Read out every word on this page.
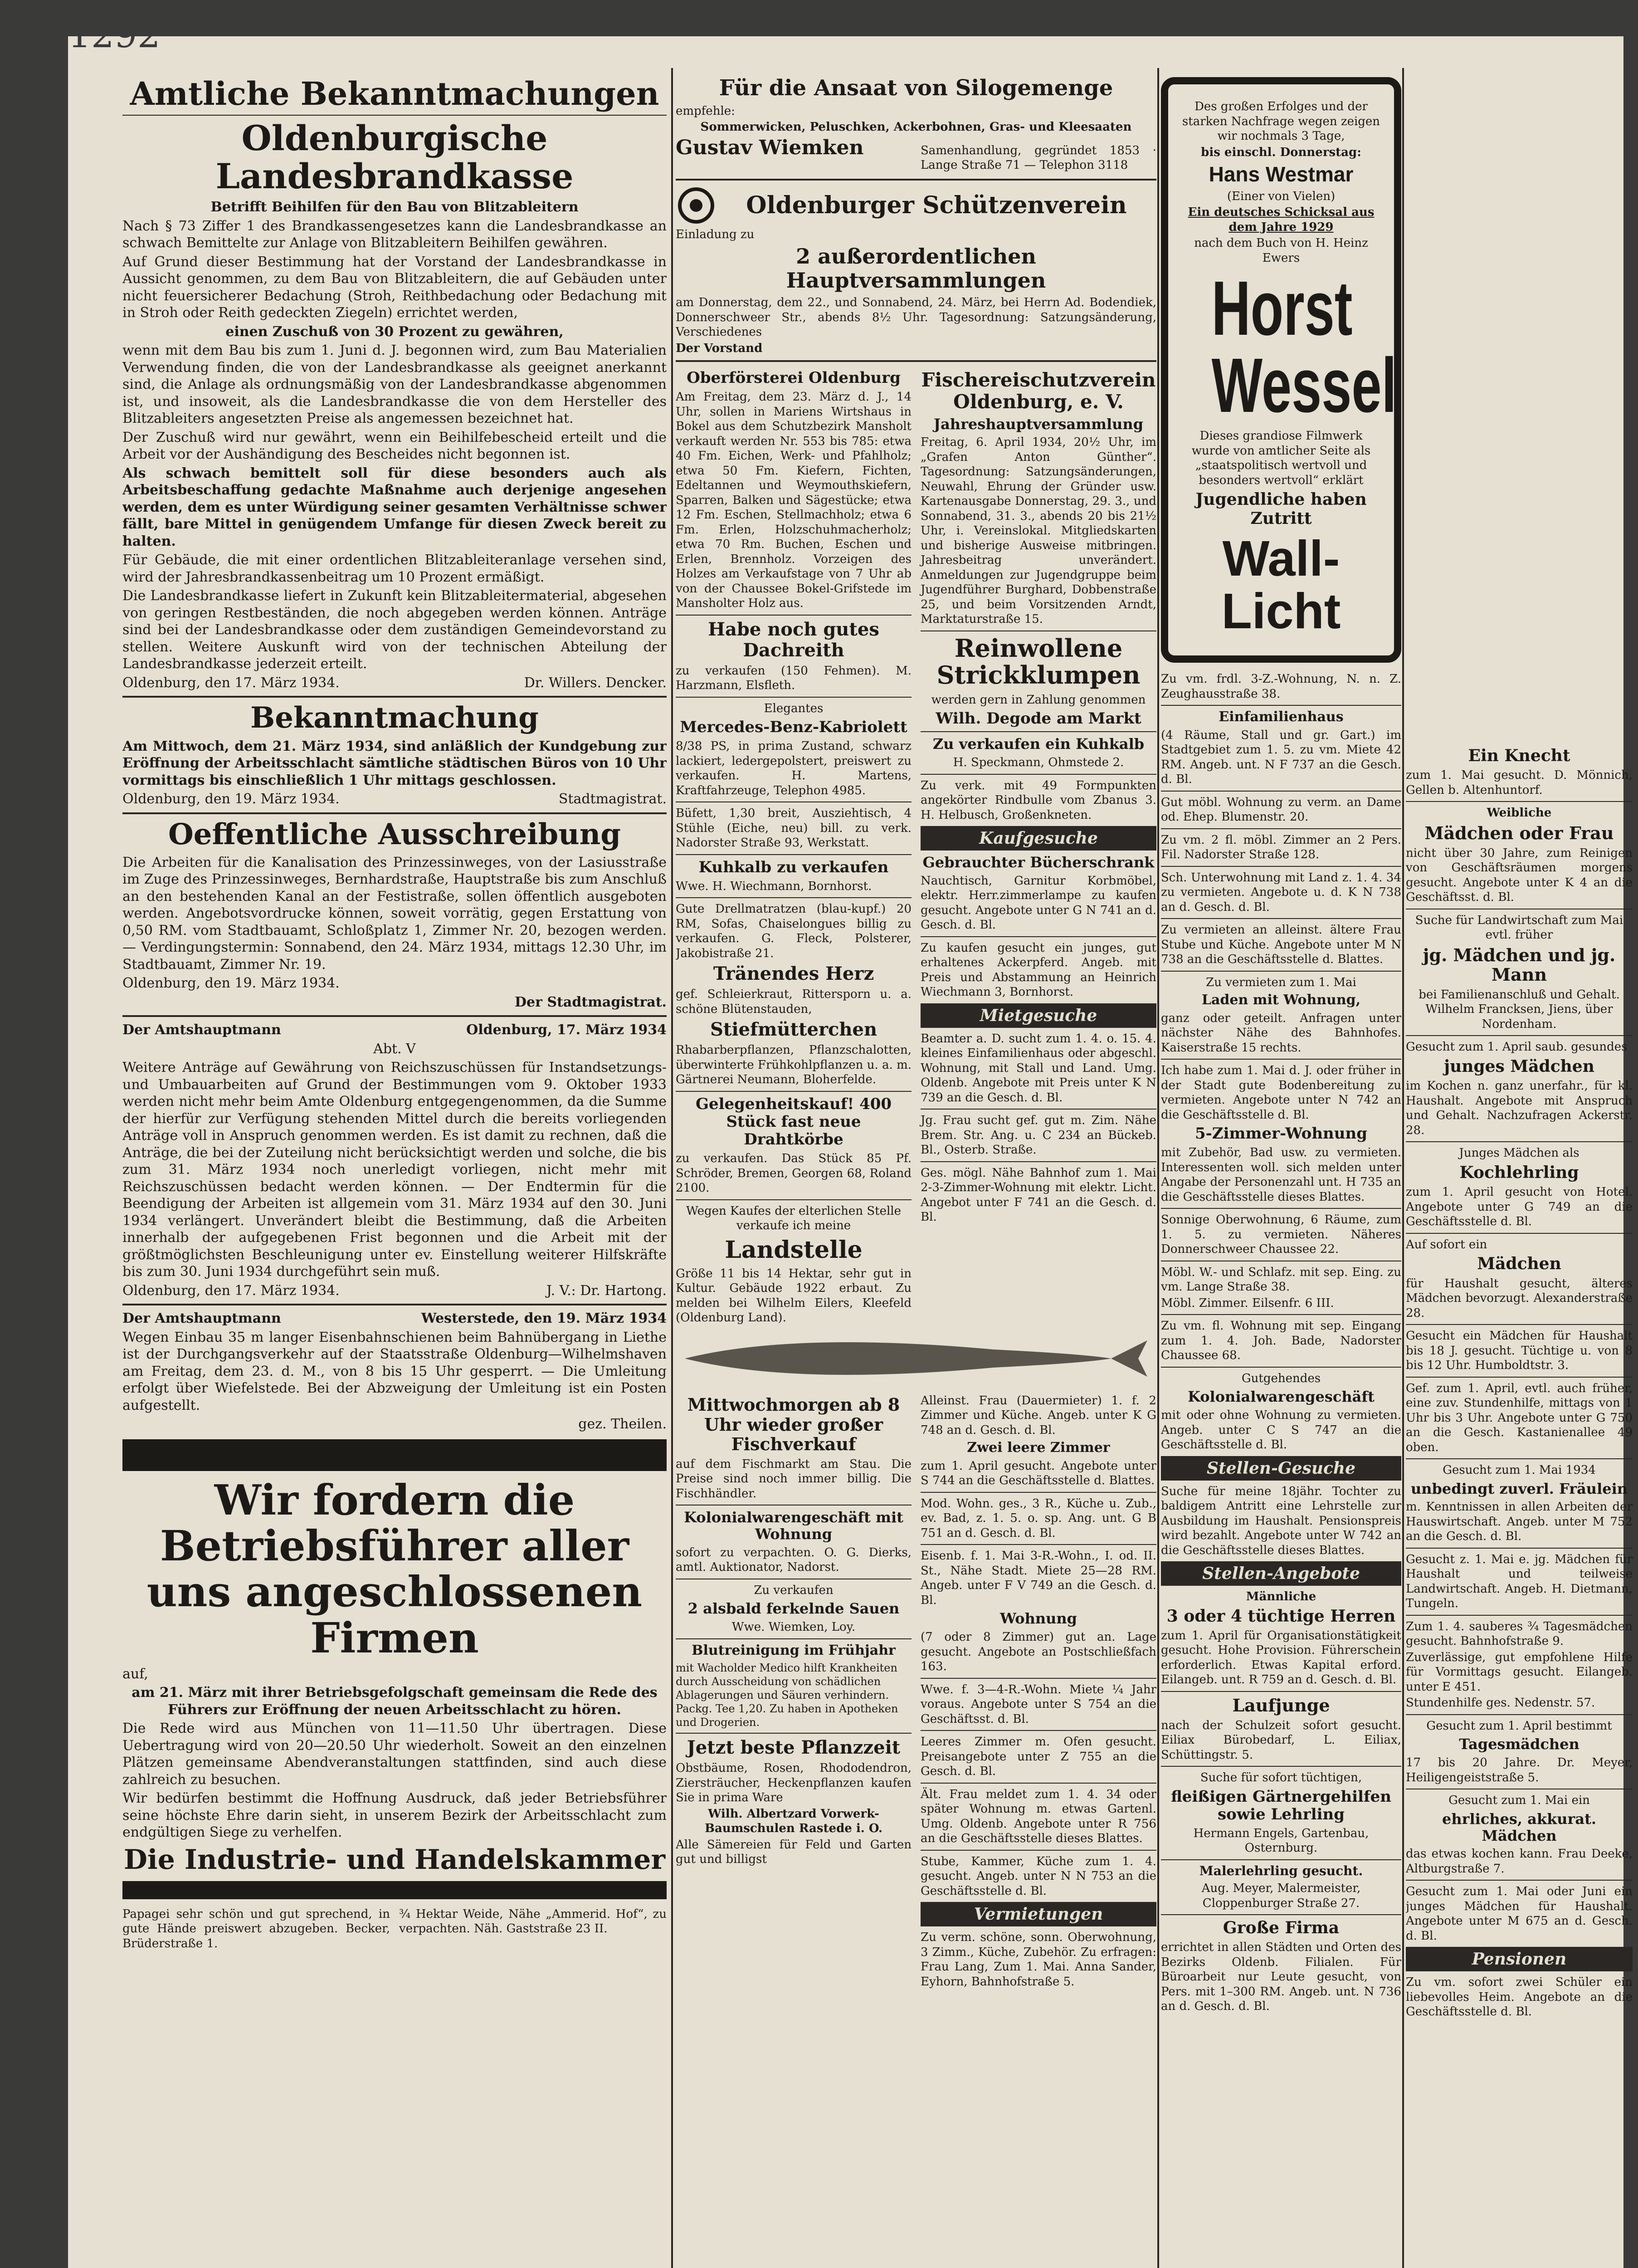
1292
Amtliche Bekanntmachungen
Oldenburgische Landesbrandkasse
Betrifft Beihilfen für den Bau von Blitzableitern
Nach § 73 Ziffer 1 des Brandkassengesetzes kann die Landesbrandkasse an schwach Bemittelte zur Anlage von Blitzableitern Beihilfen gewähren.
Auf Grund dieser Bestimmung hat der Vorstand der Landesbrandkasse in Aussicht genommen, zu dem Bau von Blitzableitern, die auf Gebäuden unter nicht feuersicherer Bedachung (Stroh, Reithbedachung oder Bedachung mit in Stroh oder Reith gedeckten Ziegeln) errichtet werden,
einen Zuschuß von 30 Prozent zu gewähren,
wenn mit dem Bau bis zum 1. Juni d. J. begonnen wird, zum Bau Materialien Verwendung finden, die von der Landesbrandkasse als geeignet anerkannt sind, die Anlage als ordnungsmäßig von der Landesbrandkasse abgenommen ist, und insoweit, als die Landesbrandkasse die von dem Hersteller des Blitzableiters angesetzten Preise als angemessen bezeichnet hat.
Der Zuschuß wird nur gewährt, wenn ein Beihilfebescheid erteilt und die Arbeit vor der Aushändigung des Bescheides nicht begonnen ist.
Als schwach bemittelt soll für diese besonders auch als Arbeitsbeschaffung gedachte Maßnahme auch derjenige angesehen werden, dem es unter Würdigung seiner gesamten Verhältnisse schwer fällt, bare Mittel in genügendem Umfange für diesen Zweck bereit zu halten.
Für Gebäude, die mit einer ordentlichen Blitzableiteranlage versehen sind, wird der Jahresbrandkassenbeitrag um 10 Prozent ermäßigt.
Die Landesbrandkasse liefert in Zukunft kein Blitzableitermaterial, abgesehen von geringen Restbeständen, die noch abgegeben werden können. Anträge sind bei der Landesbrandkasse oder dem zuständigen Gemeindevorstand zu stellen. Weitere Auskunft wird von der technischen Abteilung der Landesbrandkasse jederzeit erteilt.
Oldenburg, den 17. März 1934.	Dr. Willers. Dencker.
Bekanntmachung
Am Mittwoch, dem 21. März 1934, sind anläßlich der Kundgebung zur Eröffnung der Arbeitsschlacht sämtliche städtischen Büros von 10 Uhr vormittags bis einschließlich 1 Uhr mittags geschlossen.
Oldenburg, den 19. März 1934.	Stadtmagistrat.
Oeffentliche Ausschreibung
Die Arbeiten für die Kanalisation des Prinzessinweges, von der Lasiusstraße im Zuge des Prinzessinweges, Bernhardstraße, Hauptstraße bis zum Anschluß an den bestehenden Kanal an der Festistraße, sollen öffentlich ausgeboten werden. Angebotsvordrucke können, soweit vorrätig, gegen Erstattung von 0,50 RM. vom Stadtbauamt, Schloßplatz 1, Zimmer Nr. 20, bezogen werden. — Verdingungstermin: Sonnabend, den 24. März 1934, mittags 12.30 Uhr, im Stadtbauamt, Zimmer Nr. 19.
Oldenburg, den 19. März 1934.
Der Stadtmagistrat.
Der Amtshauptmann	Oldenburg, 17. März 1934
Abt. V
Weitere Anträge auf Gewährung von Reichszuschüssen für Instandsetzungs- und Umbauarbeiten auf Grund der Bestimmungen vom 9. Oktober 1933 werden nicht mehr beim Amte Oldenburg entgegengenommen, da die Summe der hierfür zur Verfügung stehenden Mittel durch die bereits vorliegenden Anträge voll in Anspruch genommen werden. Es ist damit zu rechnen, daß die Anträge, die bei der Zuteilung nicht berücksichtigt werden und solche, die bis zum 31. März 1934 noch unerledigt vorliegen, nicht mehr mit Reichszuschüssen bedacht werden können. — Der Endtermin für die Beendigung der Arbeiten ist allgemein vom 31. März 1934 auf den 30. Juni 1934 verlängert. Unverändert bleibt die Bestimmung, daß die Arbeiten innerhalb der aufgegebenen Frist begonnen und die Arbeit mit der größtmöglichsten Beschleunigung unter ev. Einstellung weiterer Hilfskräfte bis zum 30. Juni 1934 durchgeführt sein muß.
Oldenburg, den 17. März 1934.	J. V.: Dr. Hartong.
Der Amtshauptmann	Westerstede, den 19. März 1934
Wegen Einbau 35 m langer Eisenbahnschienen beim Bahnübergang in Liethe ist der Durchgangsverkehr auf der Staatsstraße Oldenburg—Wilhelmshaven am Freitag, dem 23. d. M., von 8 bis 15 Uhr gesperrt. — Die Umleitung erfolgt über Wiefelstede. Bei der Abzweigung der Umleitung ist ein Posten aufgestellt.
gez. Theilen.
Wir fordern die Betriebsführer aller uns angeschlossenen Firmen
auf,
am 21. März mit ihrer Betriebsgefolgschaft gemeinsam die Rede des Führers zur Eröffnung der neuen Arbeitsschlacht zu hören.
Die Rede wird aus München von 11—11.50 Uhr übertragen. Diese Uebertragung wird von 20—20.50 Uhr wiederholt. Soweit an den einzelnen Plätzen gemeinsame Abendveranstaltungen stattfinden, sind auch diese zahlreich zu besuchen.
Wir bedürfen bestimmt die Hoffnung Ausdruck, daß jeder Betriebsführer seine höchste Ehre darin sieht, in unserem Bezirk der Arbeitsschlacht zum endgültigen Siege zu verhelfen.
Die Industrie- und Handelskammer
Papagei sehr schön und gut sprechend, in gute Hände preiswert abzugeben. Becker, Brüderstraße 1.
¾ Hektar Weide, Nähe „Ammerid. Hof“, zu verpachten. Näh. Gaststraße 23 II.
Für die Ansaat von Silogemenge
empfehle:
Sommerwicken, Peluschken, Ackerbohnen, Gras- und Kleesaaten
Gustav Wiemken	Samenhandlung, gegründet 1853 · Lange Straße 71 — Telephon 3118
Oldenburger Schützenverein
Einladung zu
2 außerordentlichen Hauptversammlungen
am Donnerstag, dem 22., und Sonnabend, 24. März, bei Herrn Ad. Bodendiek, Donnerschweer Str., abends 8½ Uhr. Tagesordnung: Satzungsänderung, Verschiedenes
Der Vorstand
Oberförsterei Oldenburg
Am Freitag, dem 23. März d. J., 14 Uhr, sollen in Mariens Wirtshaus in Bokel aus dem Schutzbezirk Mansholt verkauft werden Nr. 553 bis 785: etwa 40 Fm. Eichen, Werk- und Pfahlholz; etwa 50 Fm. Kiefern, Fichten, Edeltannen und Weymouthskiefern, Sparren, Balken und Sägestücke; etwa 12 Fm. Eschen, Stellmachholz; etwa 6 Fm. Erlen, Holzschuhmacherholz; etwa 70 Rm. Buchen, Eschen und Erlen, Brennholz. Vorzeigen des Holzes am Verkaufstage von 7 Uhr ab von der Chaussee Bokel-Grifstede im Mansholter Holz aus.
Habe noch gutes Dachreith
zu verkaufen (150 Fehmen). M. Harzmann, Elsfleth.
Elegantes
Mercedes-Benz-Kabriolett
8/38 PS, in prima Zustand, schwarz lackiert, ledergepolstert, preiswert zu verkaufen. H. Martens, Kraftfahrzeuge, Telephon 4985.
Büfett, 1,30 breit, Ausziehtisch, 4 Stühle (Eiche, neu) bill. zu verk. Nadorster Straße 93, Werkstatt.
Kuhkalb zu verkaufen
Wwe. H. Wiechmann, Bornhorst.
Gute Drellmatratzen (blau-kupf.) 20 RM, Sofas, Chaiselongues billig zu verkaufen. G. Fleck, Polsterer, Jakobistraße 21.
Tränendes Herz
gef. Schleierkraut, Rittersporn u. a. schöne Blütenstauden,
Stiefmütterchen
Rhabarberpflanzen, Pflanzschalotten, überwinterte Frühkohlpflanzen u. a. m. Gärtnerei Neumann, Bloherfelde.
Gelegenheitskauf! 400 Stück fast neue Drahtkörbe
zu verkaufen. Das Stück 85 Pf. Schröder, Bremen, Georgen 68, Roland 2100.
Wegen Kaufes der elterlichen Stelle verkaufe ich meine
Landstelle
Größe 11 bis 14 Hektar, sehr gut in Kultur. Gebäude 1922 erbaut. Zu melden bei Wilhelm Eilers, Kleefeld (Oldenburg Land).
Fischereischutzverein Oldenburg, e. V.
Jahreshauptversammlung
Freitag, 6. April 1934, 20½ Uhr, im „Grafen Anton Günther“. Tagesordnung: Satzungsänderungen, Neuwahl, Ehrung der Gründer usw. Kartenausgabe Donnerstag, 29. 3., und Sonnabend, 31. 3., abends 20 bis 21½ Uhr, i. Vereinslokal. Mitgliedskarten und bisherige Ausweise mitbringen. Jahresbeitrag unverändert. Anmeldungen zur Jugendgruppe beim Jugendführer Burghard, Dobbenstraße 25, und beim Vorsitzenden Arndt, Marktaturstraße 15.
Reinwollene Strickklumpen
werden gern in Zahlung genommen
Wilh. Degode am Markt
Zu verkaufen ein Kuhkalb
H. Speckmann, Ohmstede 2.
Zu verk. mit 49 Formpunkten angekörter Rindbulle vom Zbanus 3. H. Helbusch, Großenkneten.
Kaufgesuche
Gebrauchter Bücherschrank
Nauchtisch, Garnitur Korbmöbel, elektr. Herr.zimmerlampe zu kaufen gesucht. Angebote unter G N 741 an d. Gesch. d. Bl.
Zu kaufen gesucht ein junges, gut erhaltenes Ackerpferd. Angeb. mit Preis und Abstammung an Heinrich Wiechmann 3, Bornhorst.
Mietgesuche
Beamter a. D. sucht zum 1. 4. o. 15. 4. kleines Einfamilienhaus oder abgeschl. Wohnung, mit Stall und Land. Umg. Oldenb. Angebote mit Preis unter K N 739 an die Gesch. d. Bl.
Jg. Frau sucht gef. gut m. Zim. Nähe Brem. Str. Ang. u. C 234 an Bückeb. Bl., Osterb. Straße.
Ges. mögl. Nähe Bahnhof zum 1. Mai 2-3-Zimmer-Wohnung mit elektr. Licht. Angebot unter F 741 an die Gesch. d. Bl.
Mittwochmorgen ab 8 Uhr wieder großer Fischverkauf
auf dem Fischmarkt am Stau. Die Preise sind noch immer billig. Die Fischhändler.
Kolonialwarengeschäft mit Wohnung
sofort zu verpachten. O. G. Dierks, amtl. Auktionator, Nadorst.
Zu verkaufen
2 alsbald ferkelnde Sauen
Wwe. Wiemken, Loy.
Blutreinigung im Frühjahr
mit Wacholder Medico hilft Krankheiten durch Ausscheidung von schädlichen Ablagerungen und Säuren verhindern. Packg. Tee 1,20. Zu haben in Apotheken und Drogerien.
Jetzt beste Pflanzzeit
Obstbäume, Rosen, Rhododendron, Ziersträucher, Heckenpflanzen kaufen Sie in prima Ware
Wilh. Albertzard Vorwerk-Baumschulen Rastede i. O.
Alle Sämereien für Feld und Garten gut und billigst
Alleinst. Frau (Dauermieter) 1. f. 2 Zimmer und Küche. Angeb. unter K G 748 an d. Gesch. d. Bl.
Zwei leere Zimmer
zum 1. April gesucht. Angebote unter S 744 an die Geschäftsstelle d. Blattes.
Mod. Wohn. ges., 3 R., Küche u. Zub., ev. Bad, z. 1. 5. o. sp. Ang. unt. G B 751 an d. Gesch. d. Bl.
Eisenb. f. 1. Mai 3-R.-Wohn., I. od. II. St., Nähe Stadt. Miete 25—28 RM. Angeb. unter F V 749 an die Gesch. d. Bl.
Wohnung
(7 oder 8 Zimmer) gut an. Lage gesucht. Angebote an Postschließfach 163.
Wwe. f. 3—4-R.-Wohn. Miete ¼ Jahr voraus. Angebote unter S 754 an die Geschäftsst. d. Bl.
Leeres Zimmer m. Ofen gesucht. Preisangebote unter Z 755 an die Gesch. d. Bl.
Ält. Frau meldet zum 1. 4. 34 oder später Wohnung m. etwas Gartenl. Umg. Oldenb. Angebote unter R 756 an die Geschäftsstelle dieses Blattes.
Stube, Kammer, Küche zum 1. 4. gesucht. Angeb. unter N N 753 an die Geschäftsstelle d. Bl.
Vermietungen
Zu verm. schöne, sonn. Oberwohnung, 3 Zimm., Küche, Zubehör. Zu erfragen: Frau Lang, Zum 1. Mai. Anna Sander, Eyhorn, Bahnhofstraße 5.
Des großen Erfolges und der starken Nachfrage wegen zeigen wir nochmals 3 Tage,
bis einschl. Donnerstag:
Hans Westmar
(Einer von Vielen)
Ein deutsches Schicksal aus dem Jahre 1929
nach dem Buch von H. Heinz Ewers
Horst Wessel
Dieses grandiose Filmwerk wurde von amtlicher Seite als „staatspolitisch wertvoll und besonders wertvoll“ erklärt
Jugendliche haben Zutritt
Wall-Licht
Zu vm. frdl. 3-Z.-Wohnung, N. n. Z. Zeughausstraße 38.
Einfamilienhaus
(4 Räume, Stall und gr. Gart.) im Stadtgebiet zum 1. 5. zu vm. Miete 42 RM. Angeb. unt. N F 737 an die Gesch. d. Bl.
Gut möbl. Wohnung zu verm. an Dame od. Ehep. Blumenstr. 20.
Zu vm. 2 fl. möbl. Zimmer an 2 Pers. Fil. Nadorster Straße 128.
Sch. Unterwohnung mit Land z. 1. 4. 34 zu vermieten. Angebote u. d. K N 738 an d. Gesch. d. Bl.
Zu vermieten an alleinst. ältere Frau Stube und Küche. Angebote unter M N 738 an die Geschäftsstelle d. Blattes.
Zu vermieten zum 1. Mai
Laden mit Wohnung,
ganz oder geteilt. Anfragen unter nächster Nähe des Bahnhofes. Kaiserstraße 15 rechts.
Ich habe zum 1. Mai d. J. oder früher in der Stadt gute Bodenbereitung zu vermieten. Angebote unter N 742 an die Geschäftsstelle d. Bl.
5-Zimmer-Wohnung
mit Zubehör, Bad usw. zu vermieten. Interessenten woll. sich melden unter Angabe der Personenzahl unt. H 735 an die Geschäftsstelle dieses Blattes.
Sonnige Oberwohnung, 6 Räume, zum 1. 5. zu vermieten. Näheres Donnerschweer Chaussee 22.
Möbl. W.- und Schlafz. mit sep. Eing. zu vm. Lange Straße 38.
Möbl. Zimmer. Eilsenfr. 6 III.
Zu vm. fl. Wohnung mit sep. Eingang zum 1. 4. Joh. Bade, Nadorster Chaussee 68.
Gutgehendes
Kolonialwarengeschäft
mit oder ohne Wohnung zu vermieten. Angeb. unter C S 747 an die Geschäftsstelle d. Bl.
Stellen-Gesuche
Suche für meine 18jähr. Tochter zu baldigem Antritt eine Lehrstelle zur Ausbildung im Haushalt. Pensionspreis wird bezahlt. Angebote unter W 742 an die Geschäftsstelle dieses Blattes.
Stellen-Angebote
Männliche
3 oder 4 tüchtige Herren
zum 1. April für Organisationstätigkeit gesucht. Hohe Provision. Führerschein erforderlich. Etwas Kapital erford. Eilangeb. unt. R 759 an d. Gesch. d. Bl.
Laufjunge
nach der Schulzeit sofort gesucht. Eiliax Bürobedarf, L. Eiliax, Schüttingstr. 5.
Suche für sofort tüchtigen,
fleißigen Gärtnergehilfen sowie Lehrling
Hermann Engels, Gartenbau, Osternburg.
Malerlehrling gesucht.
Aug. Meyer, Malermeister, Cloppenburger Straße 27.
Große Firma
errichtet in allen Städten und Orten des Bezirks Oldenb. Filialen. Für Büroarbeit nur Leute gesucht, von Pers. mit 1–300 RM. Angeb. unt. N 736 an d. Gesch. d. Bl.
Ein Knecht
zum 1. Mai gesucht. D. Mönnich, Gellen b. Altenhuntorf.
Weibliche
Mädchen oder Frau
nicht über 30 Jahre, zum Reinigen von Geschäftsräumen morgens gesucht. Angebote unter K 4 an die Geschäftsst. d. Bl.
Suche für Landwirtschaft zum Mai evtl. früher
jg. Mädchen und jg. Mann
bei Familienanschluß und Gehalt. Wilhelm Francksen, Jiens, über Nordenham.
Gesucht zum 1. April saub. gesundes
junges Mädchen
im Kochen n. ganz unerfahr., für kl. Haushalt. Angebote mit Anspruch und Gehalt. Nachzufragen Ackerstr. 28.
Junges Mädchen als
Kochlehrling
zum 1. April gesucht von Hotel. Angebote unter G 749 an die Geschäftsstelle d. Bl.
Auf sofort ein
Mädchen
für Haushalt gesucht, älteres Mädchen bevorzugt. Alexanderstraße 28.
Gesucht ein Mädchen für Haushalt bis 18 J. gesucht. Tüchtige u. von 8 bis 12 Uhr. Humboldtstr. 3.
Gef. zum 1. April, evtl. auch früher, eine zuv. Stundenhilfe, mittags von 1 Uhr bis 3 Uhr. Angebote unter G 750 an die Gesch. Kastanienallee 49 oben.
Gesucht zum 1. Mai 1934
unbedingt zuverl. Fräulein
m. Kenntnissen in allen Arbeiten der Hauswirtschaft. Angeb. unter M 752 an die Gesch. d. Bl.
Gesucht z. 1. Mai e. jg. Mädchen für Haushalt und teilweise Landwirtschaft. Angeb. H. Dietmann, Tungeln.
Zum 1. 4. sauberes ¾ Tagesmädchen gesucht. Bahnhofstraße 9.
Zuverlässige, gut empfohlene Hilfe für Vormittags gesucht. Eilangeb. unter E 451.
Stundenhilfe ges. Nedenstr. 57.
Gesucht zum 1. April bestimmt
Tagesmädchen
17 bis 20 Jahre. Dr. Meyer, Heiligengeiststraße 5.
Gesucht zum 1. Mai ein
ehrliches, akkurat. Mädchen
das etwas kochen kann. Frau Deeke, Altburgstraße 7.
Gesucht zum 1. Mai oder Juni ein junges Mädchen für Haushalt. Angebote unter M 675 an d. Gesch. d. Bl.
Pensionen
Zu vm. sofort zwei Schüler ein liebevolles Heim. Angebote an die Geschäftsstelle d. Bl.
